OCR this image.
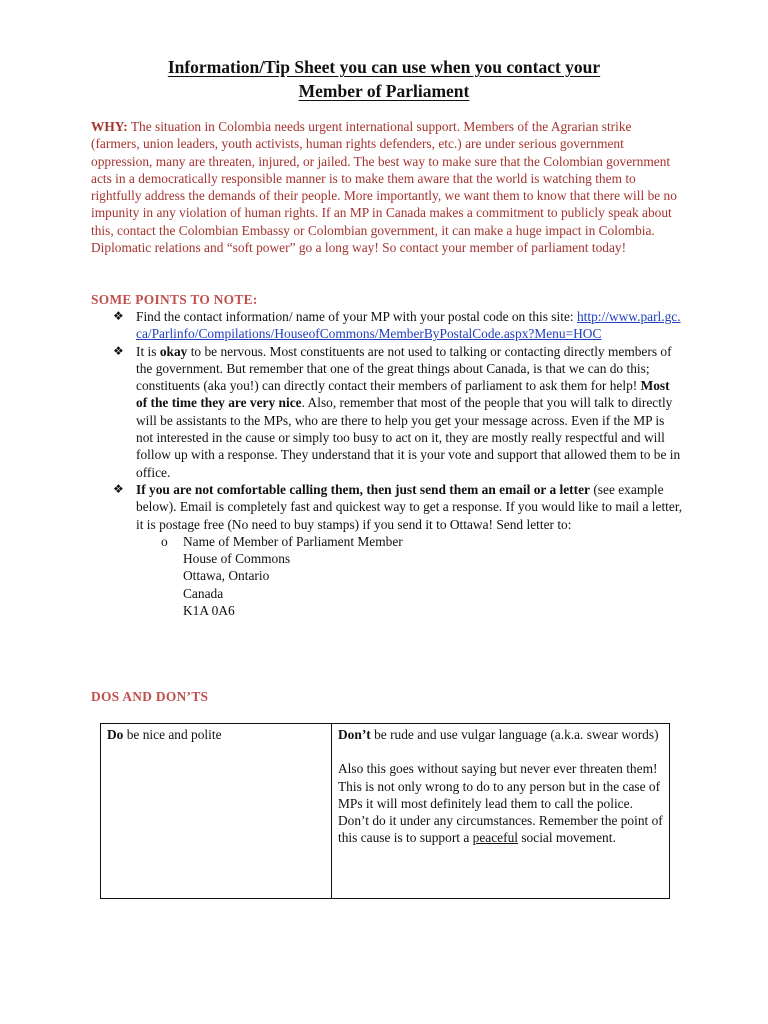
Information/Tip Sheet you can use when you contact your
Member of Parliament

WHY: The situation in Colombia needs urgent international support. Members of the Agrarian strike (farmers, union leaders, youth activists, human rights defenders, etc.) are under serious government oppression, many are threaten, injured, or jailed. The best way to make sure that the Colombian government acts in a democratically responsible manner is to make them aware that the world is watching them to rightfully address the demands of their people. More importantly, we want them to know that there will be no impunity in any violation of human rights. If an MP in Canada makes a commitment to publicly speak about this, contact the Colombian Embassy or Colombian government, it can make a huge impact in Colombia. Diplomatic relations and “soft power” go a long way! So contact your member of parliament today!

SOME POINTS TO NOTE:
❖ Find the contact information/ name of your MP with your postal code on this site: http://www.parl.gc.ca/Parlinfo/Compilations/HouseofCommons/MemberByPostalCode.aspx?Menu=HOC
❖ It is okay to be nervous. Most constituents are not used to talking or contacting directly members of the government. But remember that one of the great things about Canada, is that we can do this; constituents (aka you!) can directly contact their members of parliament to ask them for help! Most of the time they are very nice. Also, remember that most of the people that you will talk to directly will be assistants to the MPs, who are there to help you get your message across. Even if the MP is not interested in the cause or simply too busy to act on it, they are mostly really respectful and will follow up with a response. They understand that it is your vote and support that allowed them to be in office.
❖ If you are not comfortable calling them, then just send them an email or a letter (see example below). Email is completely fast and quickest way to get a response. If you would like to mail a letter, it is postage free (No need to buy stamps) if you send it to Ottawa! Send letter to:
o Name of Member of Parliament Member
House of Commons
Ottawa, Ontario
Canada
K1A 0A6
DOS AND DON’TS
Do be nice and polite	Don’t be rude and use vulgar language (a.k.a. swear words)

Also this goes without saying but never ever threaten them! This is not only wrong to do to any person but in the case of MPs it will most definitely lead them to call the police. Don’t do it under any circumstances. Remember the point of this cause is to support a peaceful social movement.
